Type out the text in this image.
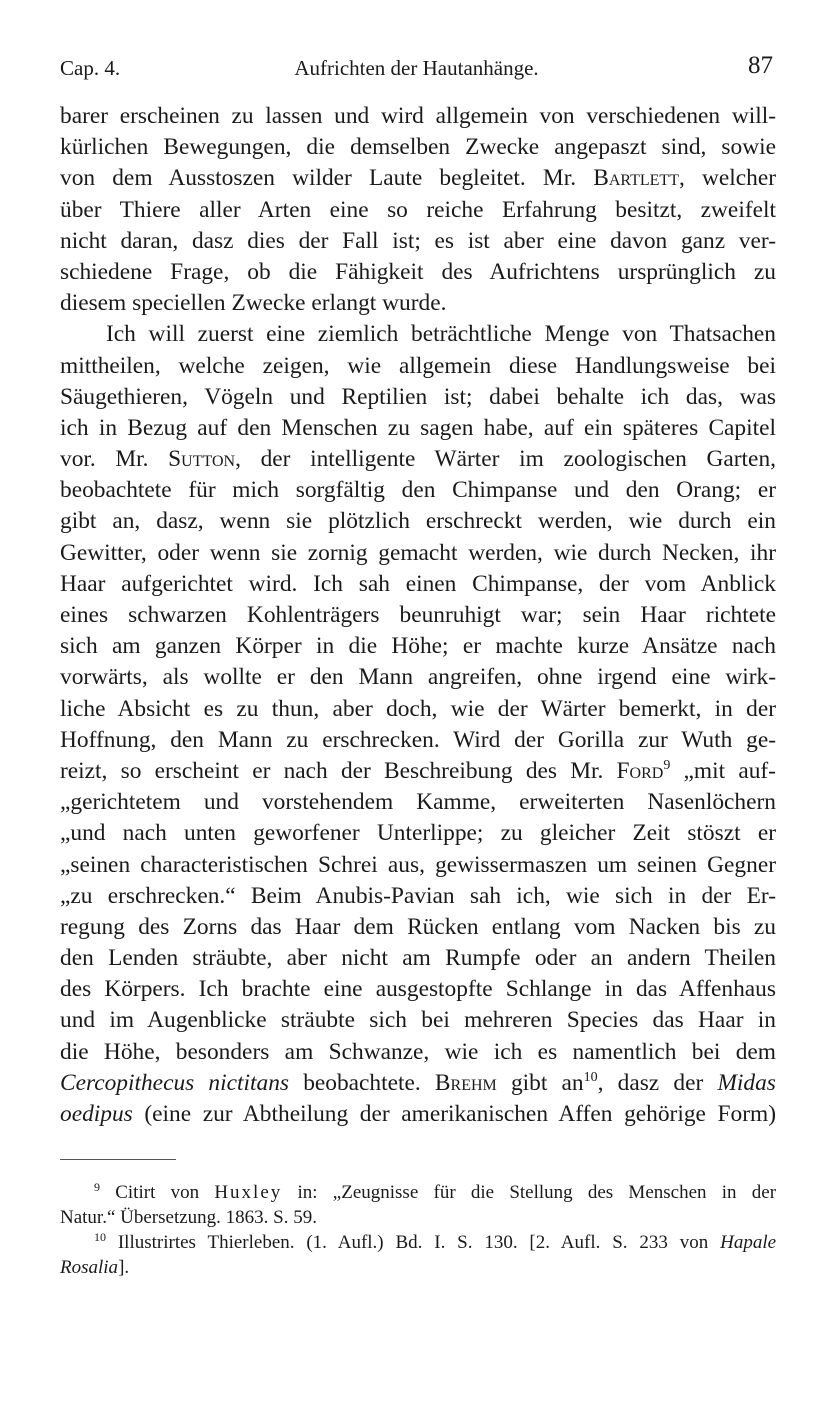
Cap. 4.	Aufrichten der Hautanhänge.	87
barer erscheinen zu lassen und wird allgemein von verschiedenen will-
kürlichen Bewegungen, die demselben Zwecke angepaszt sind, sowie
von dem Ausstoszen wilder Laute begleitet. Mr. Bartlett, welcher
über Thiere aller Arten eine so reiche Erfahrung besitzt, zweifelt
nicht daran, dasz dies der Fall ist; es ist aber eine davon ganz ver-
schiedene Frage, ob die Fähigkeit des Aufrichtens ursprünglich zu
diesem speciellen Zwecke erlangt wurde.
Ich will zuerst eine ziemlich beträchtliche Menge von Thatsachen
mittheilen, welche zeigen, wie allgemein diese Handlungsweise bei
Säugethieren, Vögeln und Reptilien ist; dabei behalte ich das, was
ich in Bezug auf den Menschen zu sagen habe, auf ein späteres Capitel
vor. Mr. Sutton, der intelligente Wärter im zoologischen Garten,
beobachtete für mich sorgfältig den Chimpanse und den Orang; er
gibt an, dasz, wenn sie plötzlich erschreckt werden, wie durch ein
Gewitter, oder wenn sie zornig gemacht werden, wie durch Necken, ihr
Haar aufgerichtet wird. Ich sah einen Chimpanse, der vom Anblick
eines schwarzen Kohlenträgers beunruhigt war; sein Haar richtete
sich am ganzen Körper in die Höhe; er machte kurze Ansätze nach
vorwärts, als wollte er den Mann angreifen, ohne irgend eine wirk-
liche Absicht es zu thun, aber doch, wie der Wärter bemerkt, in der
Hoffnung, den Mann zu erschrecken. Wird der Gorilla zur Wuth ge-
reizt, so erscheint er nach der Beschreibung des Mr. Ford$^9$ „mit auf-
„gerichtetem und vorstehendem Kamme, erweiterten Nasenlöchern
„und nach unten geworfener Unterlippe; zu gleicher Zeit stöszt er
„seinen characteristischen Schrei aus, gewissermaszen um seinen Gegner
„zu erschrecken.“ Beim Anubis-Pavian sah ich, wie sich in der Er-
regung des Zorns das Haar dem Rücken entlang vom Nacken bis zu
den Lenden sträubte, aber nicht am Rumpfe oder an andern Theilen
des Körpers. Ich brachte eine ausgestopfte Schlange in das Affenhaus
und im Augenblicke sträubte sich bei mehreren Species das Haar in
die Höhe, besonders am Schwanze, wie ich es namentlich bei dem
Cercopithecus nictitans beobachtete. Brehm gibt $an^{10}$, dasz der Midas
oedipus (eine zur Abtheilung der amerikanischen Affen gehörige Form)
$^9$ Citirt von Huxley in: „Zeugnisse für die Stellung des Menschen in der
Natur.“ Übersetzung. 1863. S. 59.
$^{10}$ Illustrirtes Thierleben. (1. Aufl.) Bd. I. S. 130. [2. Aufl. S. 233 von Hapale
Rosalia].
